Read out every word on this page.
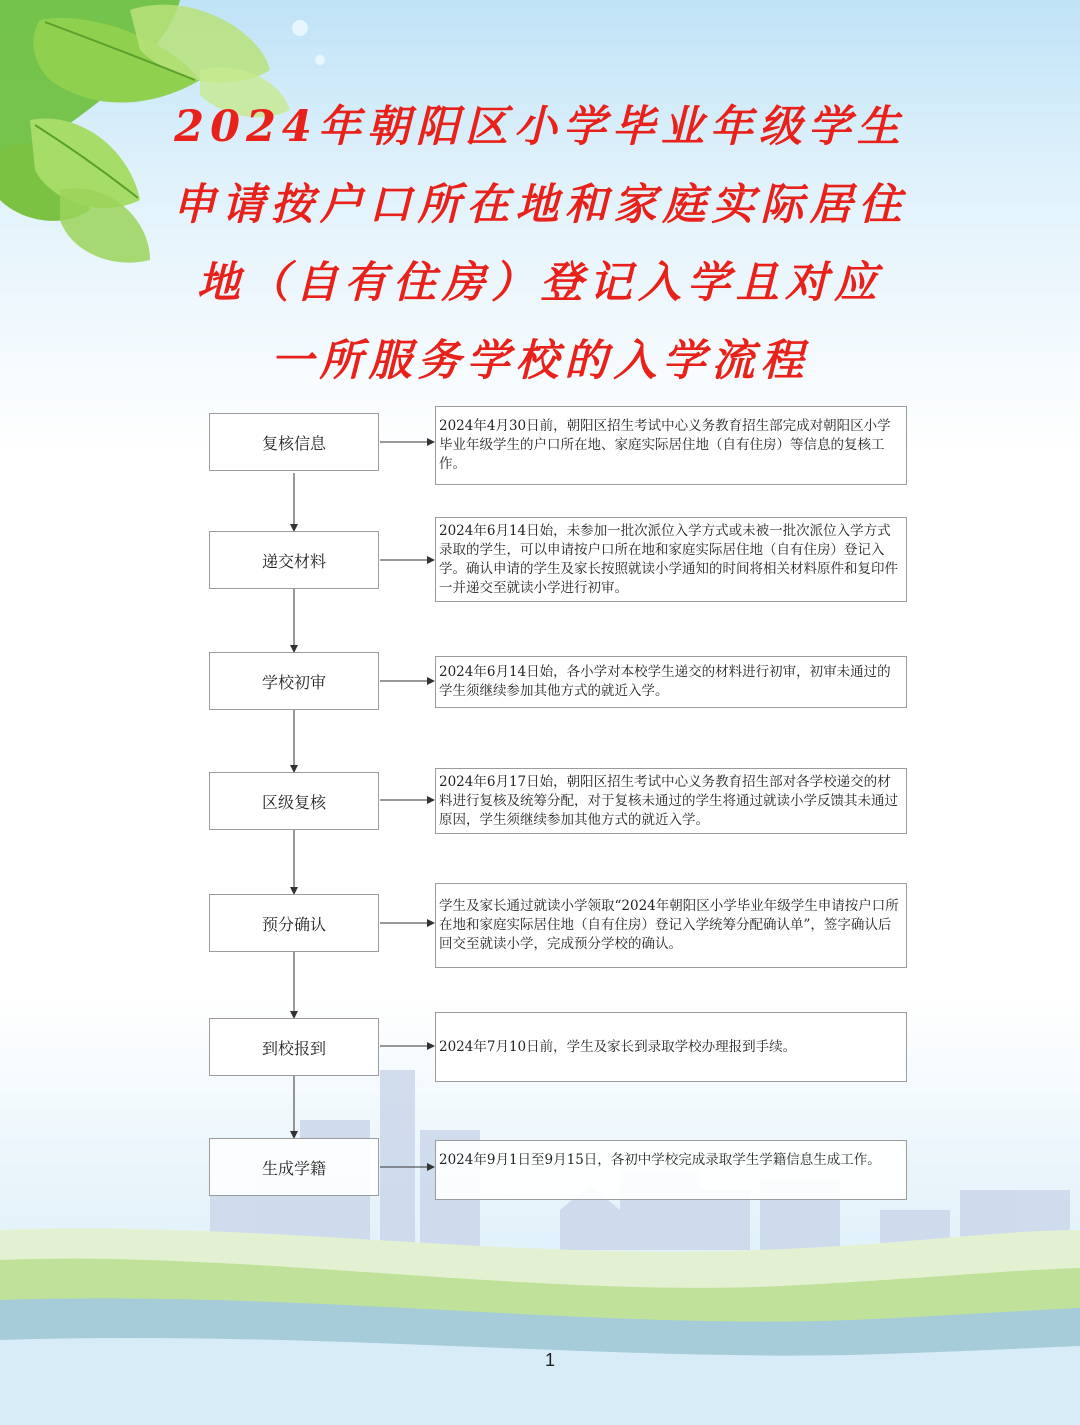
2024年朝阳区小学毕业年级学生
申请按户口所在地和家庭实际居住
地（自有住房）登记入学且对应
一所服务学校的入学流程
复核信息
2024年4月30日前，朝阳区招生考试中心义务教育招生部完成对朝阳区小学毕业年级学生的户口所在地、家庭实际居住地（自有住房）等信息的复核工作。
递交材料
2024年6月14日始，未参加一批次派位入学方式或未被一批次派位入学方式录取的学生，可以申请按户口所在地和家庭实际居住地（自有住房）登记入学。确认申请的学生及家长按照就读小学通知的时间将相关材料原件和复印件一并递交至就读小学进行初审。
学校初审
2024年6月14日始，各小学对本校学生递交的材料进行初审，初审未通过的学生须继续参加其他方式的就近入学。
区级复核
2024年6月17日始，朝阳区招生考试中心义务教育招生部对各学校递交的材料进行复核及统筹分配，对于复核未通过的学生将通过就读小学反馈其未通过原因，学生须继续参加其他方式的就近入学。
预分确认
学生及家长通过就读小学领取“2024年朝阳区小学毕业年级学生申请按户口所在地和家庭实际居住地（自有住房）登记入学统筹分配确认单”，签字确认后回交至就读小学，完成预分学校的确认。
到校报到	2024年7月10日前，学生及家长到录取学校办理报到手续。
生成学籍	2024年9月1日至9月15日，各初中学校完成录取学生学籍信息生成工作。
1
